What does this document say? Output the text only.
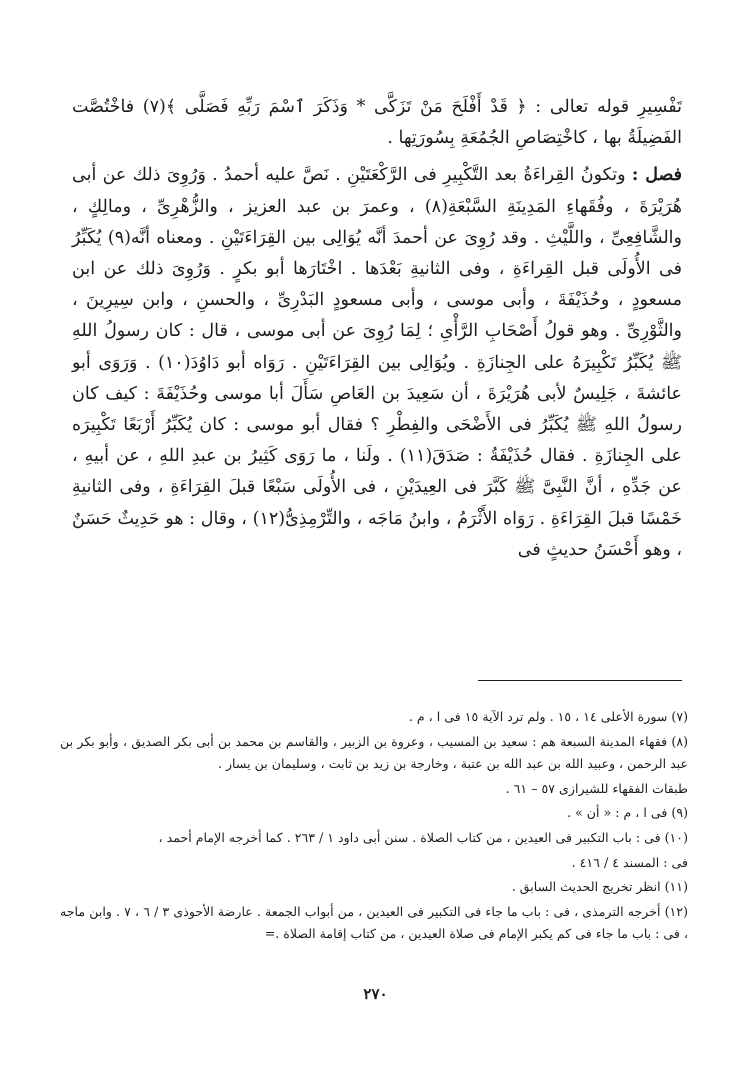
تَفْسِيرِ قوله تعالى : ﴿ قَدْ أَفْلَحَ مَنْ تَزَكَّى * وَذَكَرَ ٱسْمَ رَبِّهِ فَصَلَّى ﴾(٧) فاخْتُصَّت الفَضِيلَةُ بها ، كاخْتِصَاصِ الجُمُعَةِ بِسُورَتِها .

فصل : وتكونُ القِراءَةُ بعد التَّكْبِيرِ فى الرَّكْعَتَيْنِ . نَصَّ عليه أحمدُ . وَرُوِىَ ذلك عن أبى هُرَيْرَةَ ، وفُقَهاءِ المَدِينَةِ السَّبْعَةِ(٨) ، وعمرَ بن عبد العزيز ، والزُّهْرِىِّ ، ومالِكٍ ، والشَّافِعِىِّ ، واللَّيْثِ . وقد رُوِىَ عن أحمدَ أنَّه يُوَالِى بين القِرَاءَتَيْنِ . ومعناه أنَّه(٩) يُكَبِّرُ فى الأُولَى قبل القِراءَةِ ، وفى الثانيةِ بَعْدَها . اخْتَارَها أبو بكرٍ . وَرُوِىَ ذلك عن ابن مسعودٍ ، وحُذَيْفَةَ ، وأبى موسى ، وأبى مسعودٍ البَدْرِىِّ ، والحسنِ ، وابن سِيرِينَ ، والثَّوْرِىِّ . وهو قولُ أَصْحَابِ الرَّأْىِ ؛ لِمَا رُوِىَ عن أبى موسى ، قال : كان رسولُ اللهِ ﷺ يُكَبِّرُ تَكْبِيرَهُ على الجِنازَةِ . ويُوَالِى بين القِرَاءَتَيْنِ . رَوَاه أبو دَاوُدَ(١٠) . وَرَوَى أبو عائشةَ ، جَلِيسٌ لأبى هُرَيْرَةَ ، أن سَعِيدَ بن العَاصِ سَأَلَ أبا موسى وحُذَيْفَةَ : كيف كان رسولُ اللهِ ﷺ يُكَبِّرُ فى الأَضْحَى والفِطْرِ ؟ فقال أبو موسى : كان يُكَبِّرُ أَرْبَعًا تَكْبِيرَه على الجِنازَةِ . فقال حُذَيْفَةُ : صَدَقَ(١١) . ولَنا ، ما رَوَى كَثِيرُ بن عبدِ اللهِ ، عن أبيهِ ، عن جَدِّهِ ، أنَّ النَّبِىَّ ﷺ كَبَّرَ فى العِيدَيْنِ ، فى الأُولَى سَبْعًا قبلَ القِرَاءَةِ ، وفى الثانيةِ خَمْسًا قبلَ القِرَاءَةِ . رَوَاه الأَثْرَمُ ، وابنُ مَاجَه ، والتِّرْمِذِىُّ(١٢) ، وقال : هو حَدِيثٌ حَسَنٌ ، وهو أَحْسَنُ حديثٍ فى

(٧) سورة الأعلى ١٤ ، ١٥ . ولم ترد الآية ١٥ فى ا ، م .

(٨) فقهاء المدينة السبعة هم : سعيد بن المسيب ، وعروة بن الزبير ، والقاسم بن محمد بن أبى بكر الصديق ، وأبو بكر بن عبد الرحمن ، وعبيد الله بن عبد الله بن عتبة ، وخارجة بن زيد بن ثابت ، وسليمان بن يسار .

طبقات الفقهاء للشيرازى ٥٧ – ٦١ .

(٩) فى ا ، م : « أن » .

(١٠) فى : باب التكبير فى العيدين ، من كتاب الصلاة . سنن أبى داود ١ / ٢٦٣ . كما أخرجه الإمام أحمد ،

فى : المسند ٤ / ٤١٦ .

(١١) انظر تخريج الحديث السابق .

(١٢) أخرجه الترمذى ، فى : باب ما جاء فى التكبير فى العيدين ، من أبواب الجمعة . عارضة الأحوذى ٣ / ٦ ، ٧ . وابن ماجه ، فى : باب ما جاء فى كم يكبر الإمام فى صلاة العيدين ، من كتاب إقامة الصلاة .=

٢٧٠
